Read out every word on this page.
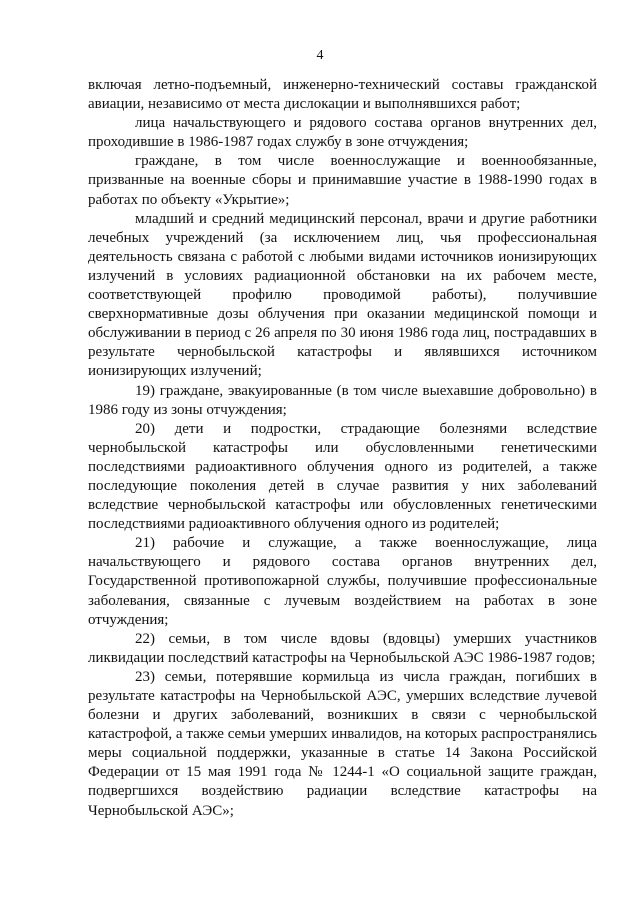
4

включая летно-подъемный, инженерно-технический составы гражданской авиации, независимо от места дислокации и выполнявшихся работ;

лица начальствующего и рядового состава органов внутренних дел, проходившие в 1986-1987 годах службу в зоне отчуждения;

граждане, в том числе военнослужащие и военнообязанные, призванные на военные сборы и принимавшие участие в 1988-1990 годах в работах по объекту «Укрытие»;

младший и средний медицинский персонал, врачи и другие работники лечебных учреждений (за исключением лиц, чья профессиональная деятельность связана с работой с любыми видами источников ионизирующих излучений в условиях радиационной обстановки на их рабочем месте, соответствующей профилю проводимой работы), получившие сверхнормативные дозы облучения при оказании медицинской помощи и обслуживании в период с 26 апреля по 30 июня 1986 года лиц, пострадавших в результате чернобыльской катастрофы и являвшихся источником ионизирующих излучений;

19) граждане, эвакуированные (в том числе выехавшие добровольно) в 1986 году из зоны отчуждения;

20) дети и подростки, страдающие болезнями вследствие чернобыльской катастрофы или обусловленными генетическими последствиями радиоактивного облучения одного из родителей, а также последующие поколения детей в случае развития у них заболеваний вследствие чернобыльской катастрофы или обусловленных генетическими последствиями радиоактивного облучения одного из родителей;

21) рабочие и служащие, а также военнослужащие, лица начальствующего и рядового состава органов внутренних дел, Государственной противопожарной службы, получившие профессиональные заболевания, связанные с лучевым воздействием на работах в зоне отчуждения;

22) семьи, в том числе вдовы (вдовцы) умерших участников ликвидации последствий катастрофы на Чернобыльской АЭС 1986-1987 годов;

23) семьи, потерявшие кормильца из числа граждан, погибших в результате катастрофы на Чернобыльской АЭС, умерших вследствие лучевой болезни и других заболеваний, возникших в связи с чернобыльской катастрофой, а также семьи умерших инвалидов, на которых распространялись меры социальной поддержки, указанные в статье 14 Закона Российской Федерации от 15 мая 1991 года № 1244-1 «О социальной защите граждан, подвергшихся воздействию радиации вследствие катастрофы на Чернобыльской АЭС»;
